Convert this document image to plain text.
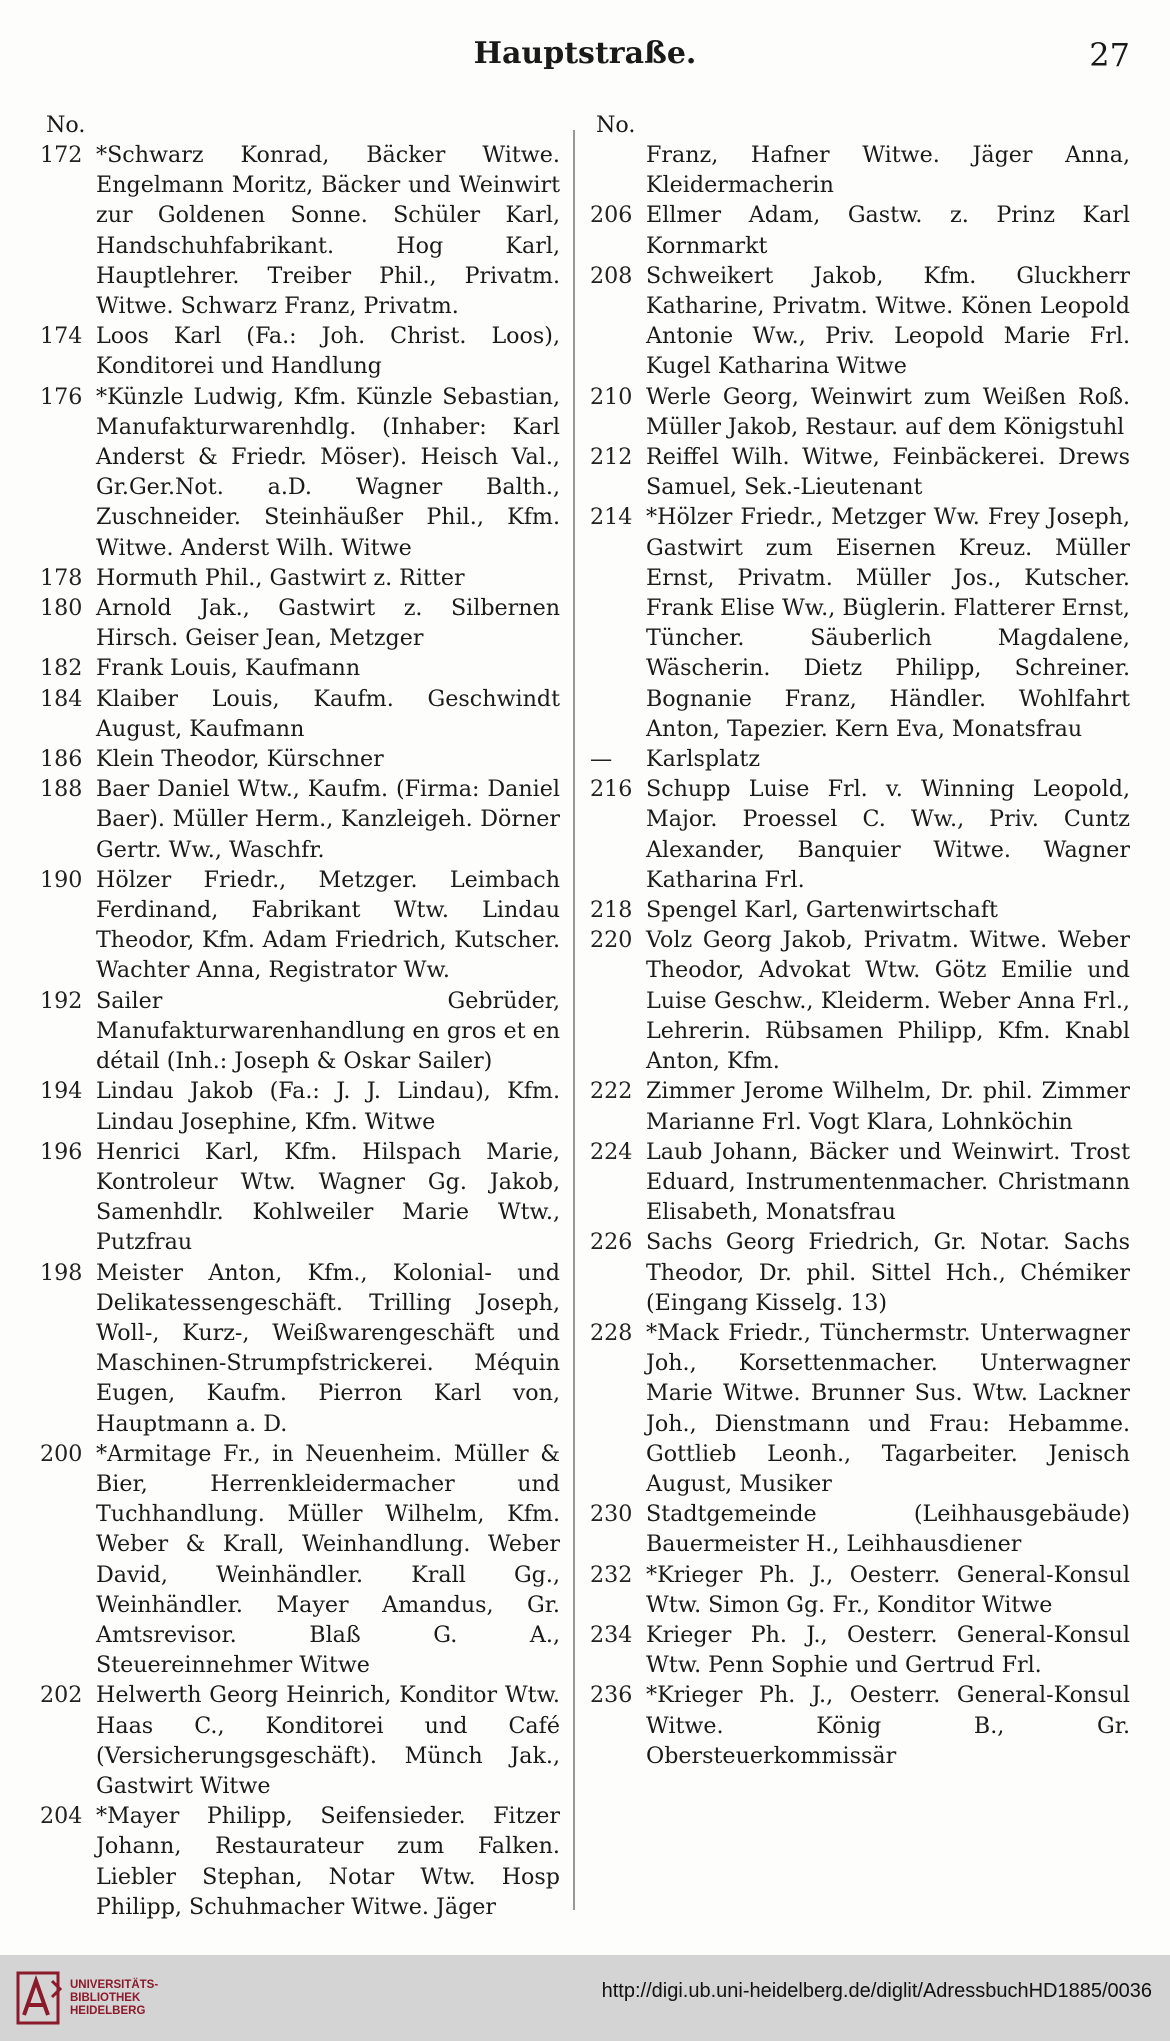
Hauptstraße.	27
No.
172 *Schwarz Konrad, Bäcker Witwe. Engelmann Moritz, Bäcker und Weinwirt zur Goldenen Sonne. Schüler Karl, Handschuhfabrikant. Hog Karl, Hauptlehrer. Treiber Phil., Privatm. Witwe. Schwarz Franz, Privatm.
174 Loos Karl (Fa.: Joh. Christ. Loos), Konditorei und Handlung
176 *Künzle Ludwig, Kfm. Künzle Sebastian, Manufakturwarenhdlg. (Inhaber: Karl Anderst & Friedr. Möser). Heisch Val., Gr.Ger.Not. a.D. Wagner Balth., Zuschneider. Steinhäußer Phil., Kfm. Witwe. Anderst Wilh. Witwe
178 Hormuth Phil., Gastwirt z. Ritter
180 Arnold Jak., Gastwirt z. Silbernen Hirsch. Geiser Jean, Metzger
182 Frank Louis, Kaufmann
184 Klaiber Louis, Kaufm. Geschwindt August, Kaufmann
186 Klein Theodor, Kürschner
188 Baer Daniel Wtw., Kaufm. (Firma: Daniel Baer). Müller Herm., Kanzleigeh. Dörner Gertr. Ww., Waschfr.
190 Hölzer Friedr., Metzger. Leimbach Ferdinand, Fabrikant Wtw. Lindau Theodor, Kfm. Adam Friedrich, Kutscher. Wachter Anna, Registrator Ww.
192 Sailer Gebrüder, Manufakturwarenhandlung en gros et en détail (Inh.: Joseph & Oskar Sailer)
194 Lindau Jakob (Fa.: J. J. Lindau), Kfm. Lindau Josephine, Kfm. Witwe
196 Henrici Karl, Kfm. Hilspach Marie, Kontroleur Wtw. Wagner Gg. Jakob, Samenhdlr. Kohlweiler Marie Wtw., Putzfrau
198 Meister Anton, Kfm., Kolonial- und Delikatessengeschäft. Trilling Joseph, Woll-, Kurz-, Weißwarengeschäft und Maschinen-Strumpfstrickerei. Méquin Eugen, Kaufm. Pierron Karl von, Hauptmann a. D.
200 *Armitage Fr., in Neuenheim. Müller & Bier, Herrenkleidermacher und Tuchhandlung. Müller Wilhelm, Kfm. Weber & Krall, Weinhandlung. Weber David, Weinhändler. Krall Gg., Weinhändler. Mayer Amandus, Gr. Amtsrevisor. Blaß G. A., Steuereinnehmer Witwe
202 Helwerth Georg Heinrich, Konditor Wtw. Haas C., Konditorei und Café (Versicherungsgeschäft). Münch Jak., Gastwirt Witwe
204 *Mayer Philipp, Seifensieder. Fitzer Johann, Restaurateur zum Falken. Liebler Stephan, Notar Wtw. Hosp Philipp, Schuhmacher Witwe. Jäger
No.
Franz, Hafner Witwe. Jäger Anna, Kleidermacherin
206 Ellmer Adam, Gastw. z. Prinz Karl Kornmarkt
208 Schweikert Jakob, Kfm. Gluckherr Katharine, Privatm. Witwe. Könen Leopold Antonie Ww., Priv. Leopold Marie Frl. Kugel Katharina Witwe
210 Werle Georg, Weinwirt zum Weißen Roß. Müller Jakob, Restaur. auf dem Königstuhl
212 Reiffel Wilh. Witwe, Feinbäckerei. Drews Samuel, Sek.-Lieutenant
214 *Hölzer Friedr., Metzger Ww. Frey Joseph, Gastwirt zum Eisernen Kreuz. Müller Ernst, Privatm. Müller Jos., Kutscher. Frank Elise Ww., Büglerin. Flatterer Ernst, Tüncher. Säuberlich Magdalene, Wäscherin. Dietz Philipp, Schreiner. Bognanie Franz, Händler. Wohlfahrt Anton, Tapezier. Kern Eva, Monatsfrau
—	Karlsplatz
216 Schupp Luise Frl. v. Winning Leopold, Major. Proessel C. Ww., Priv. Cuntz Alexander, Banquier Witwe. Wagner Katharina Frl.
218 Spengel Karl, Gartenwirtschaft
220 Volz Georg Jakob, Privatm. Witwe. Weber Theodor, Advokat Wtw. Götz Emilie und Luise Geschw., Kleiderm. Weber Anna Frl., Lehrerin. Rübsamen Philipp, Kfm. Knabl Anton, Kfm.
222 Zimmer Jerome Wilhelm, Dr. phil. Zimmer Marianne Frl. Vogt Klara, Lohnköchin
224 Laub Johann, Bäcker und Weinwirt. Trost Eduard, Instrumentenmacher. Christmann Elisabeth, Monatsfrau
226 Sachs Georg Friedrich, Gr. Notar. Sachs Theodor, Dr. phil. Sittel Hch., Chémiker (Eingang Kisselg. 13)
228 *Mack Friedr., Tünchermstr. Unterwagner Joh., Korsettenmacher. Unterwagner Marie Witwe. Brunner Sus. Wtw. Lackner Joh., Dienstmann und Frau: Hebamme. Gottlieb Leonh., Tagarbeiter. Jenisch August, Musiker
230 Stadtgemeinde (Leihhausgebäude) Bauermeister H., Leihhausdiener
232 *Krieger Ph. J., Oesterr. General-Konsul Wtw. Simon Gg. Fr., Konditor Witwe
234 Krieger Ph. J., Oesterr. General-Konsul Wtw. Penn Sophie und Gertrud Frl.
236 *Krieger Ph. J., Oesterr. General-Konsul Witwe. König B., Gr. Obersteuerkommissär
UNIVERSITÄTS-
BIBLIOTHEK
HEIDELBERG
http://digi.ub.uni-heidelberg.de/diglit/AdressbuchHD1885/0036
